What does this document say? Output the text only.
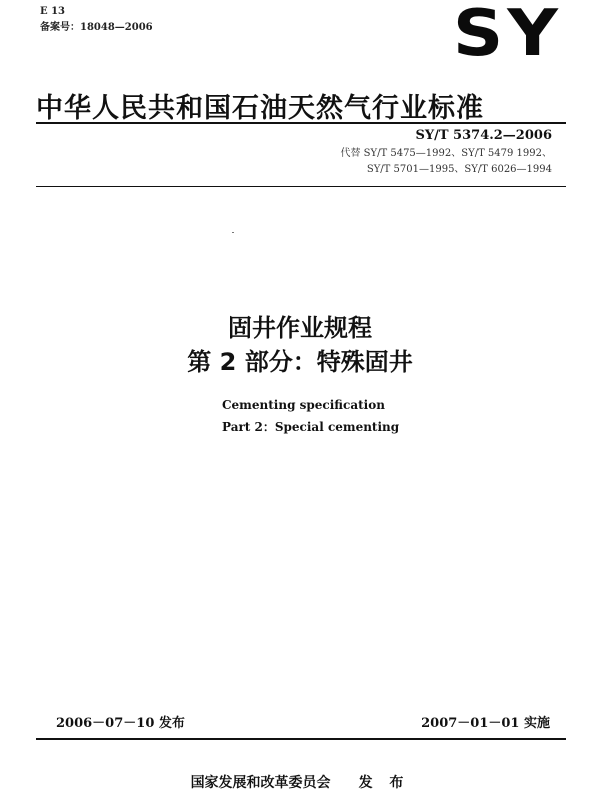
E 13
备案号：18048—2006	SY
中华人民共和国石油天然气行业标准
SY/T 5374.2—2006
代替 SY/T 5475—1992、SY/T 5479 1992、
SY/T 5701—1995、SY/T 6026—1994
固井作业规程
第 2 部分：特殊固井
Cementing specification
Part 2：Special cementing
2006－07－10 发布	2007－01－01 实施
国家发展和改革委员会 发 布
